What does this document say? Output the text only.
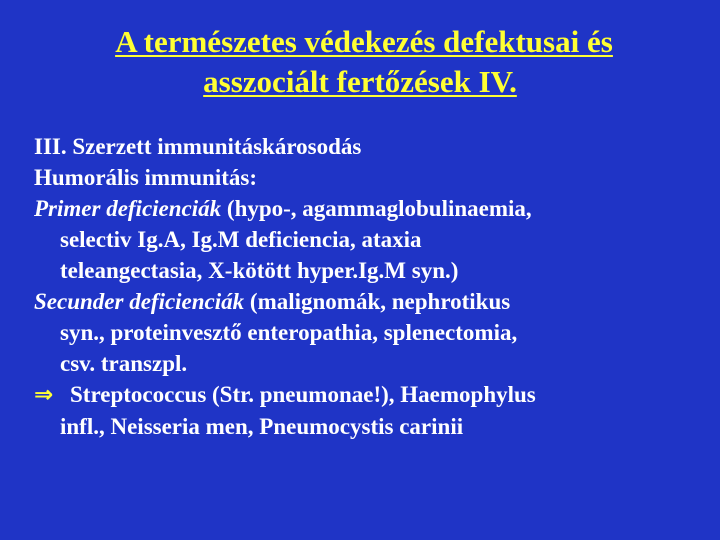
A természetes védekezés defektusai és
asszociált fertőzések IV.
III. Szerzett immunitáskárosodás
Humorális immunitás:
Primer deficienciák (hypo-, agammaglobulinaemia,
selectiv Ig.A, Ig.M deficiencia, ataxia
teleangectasia, X-kötött hyper.Ig.M syn.)
Secunder deficienciák (malignomák, nephrotikus
syn., proteinvesztő enteropathia, splenectomia,
csv. transzpl.
⇒ Streptococcus (Str. pneumonae!), Haemophylus
infl., Neisseria men, Pneumocystis carinii
